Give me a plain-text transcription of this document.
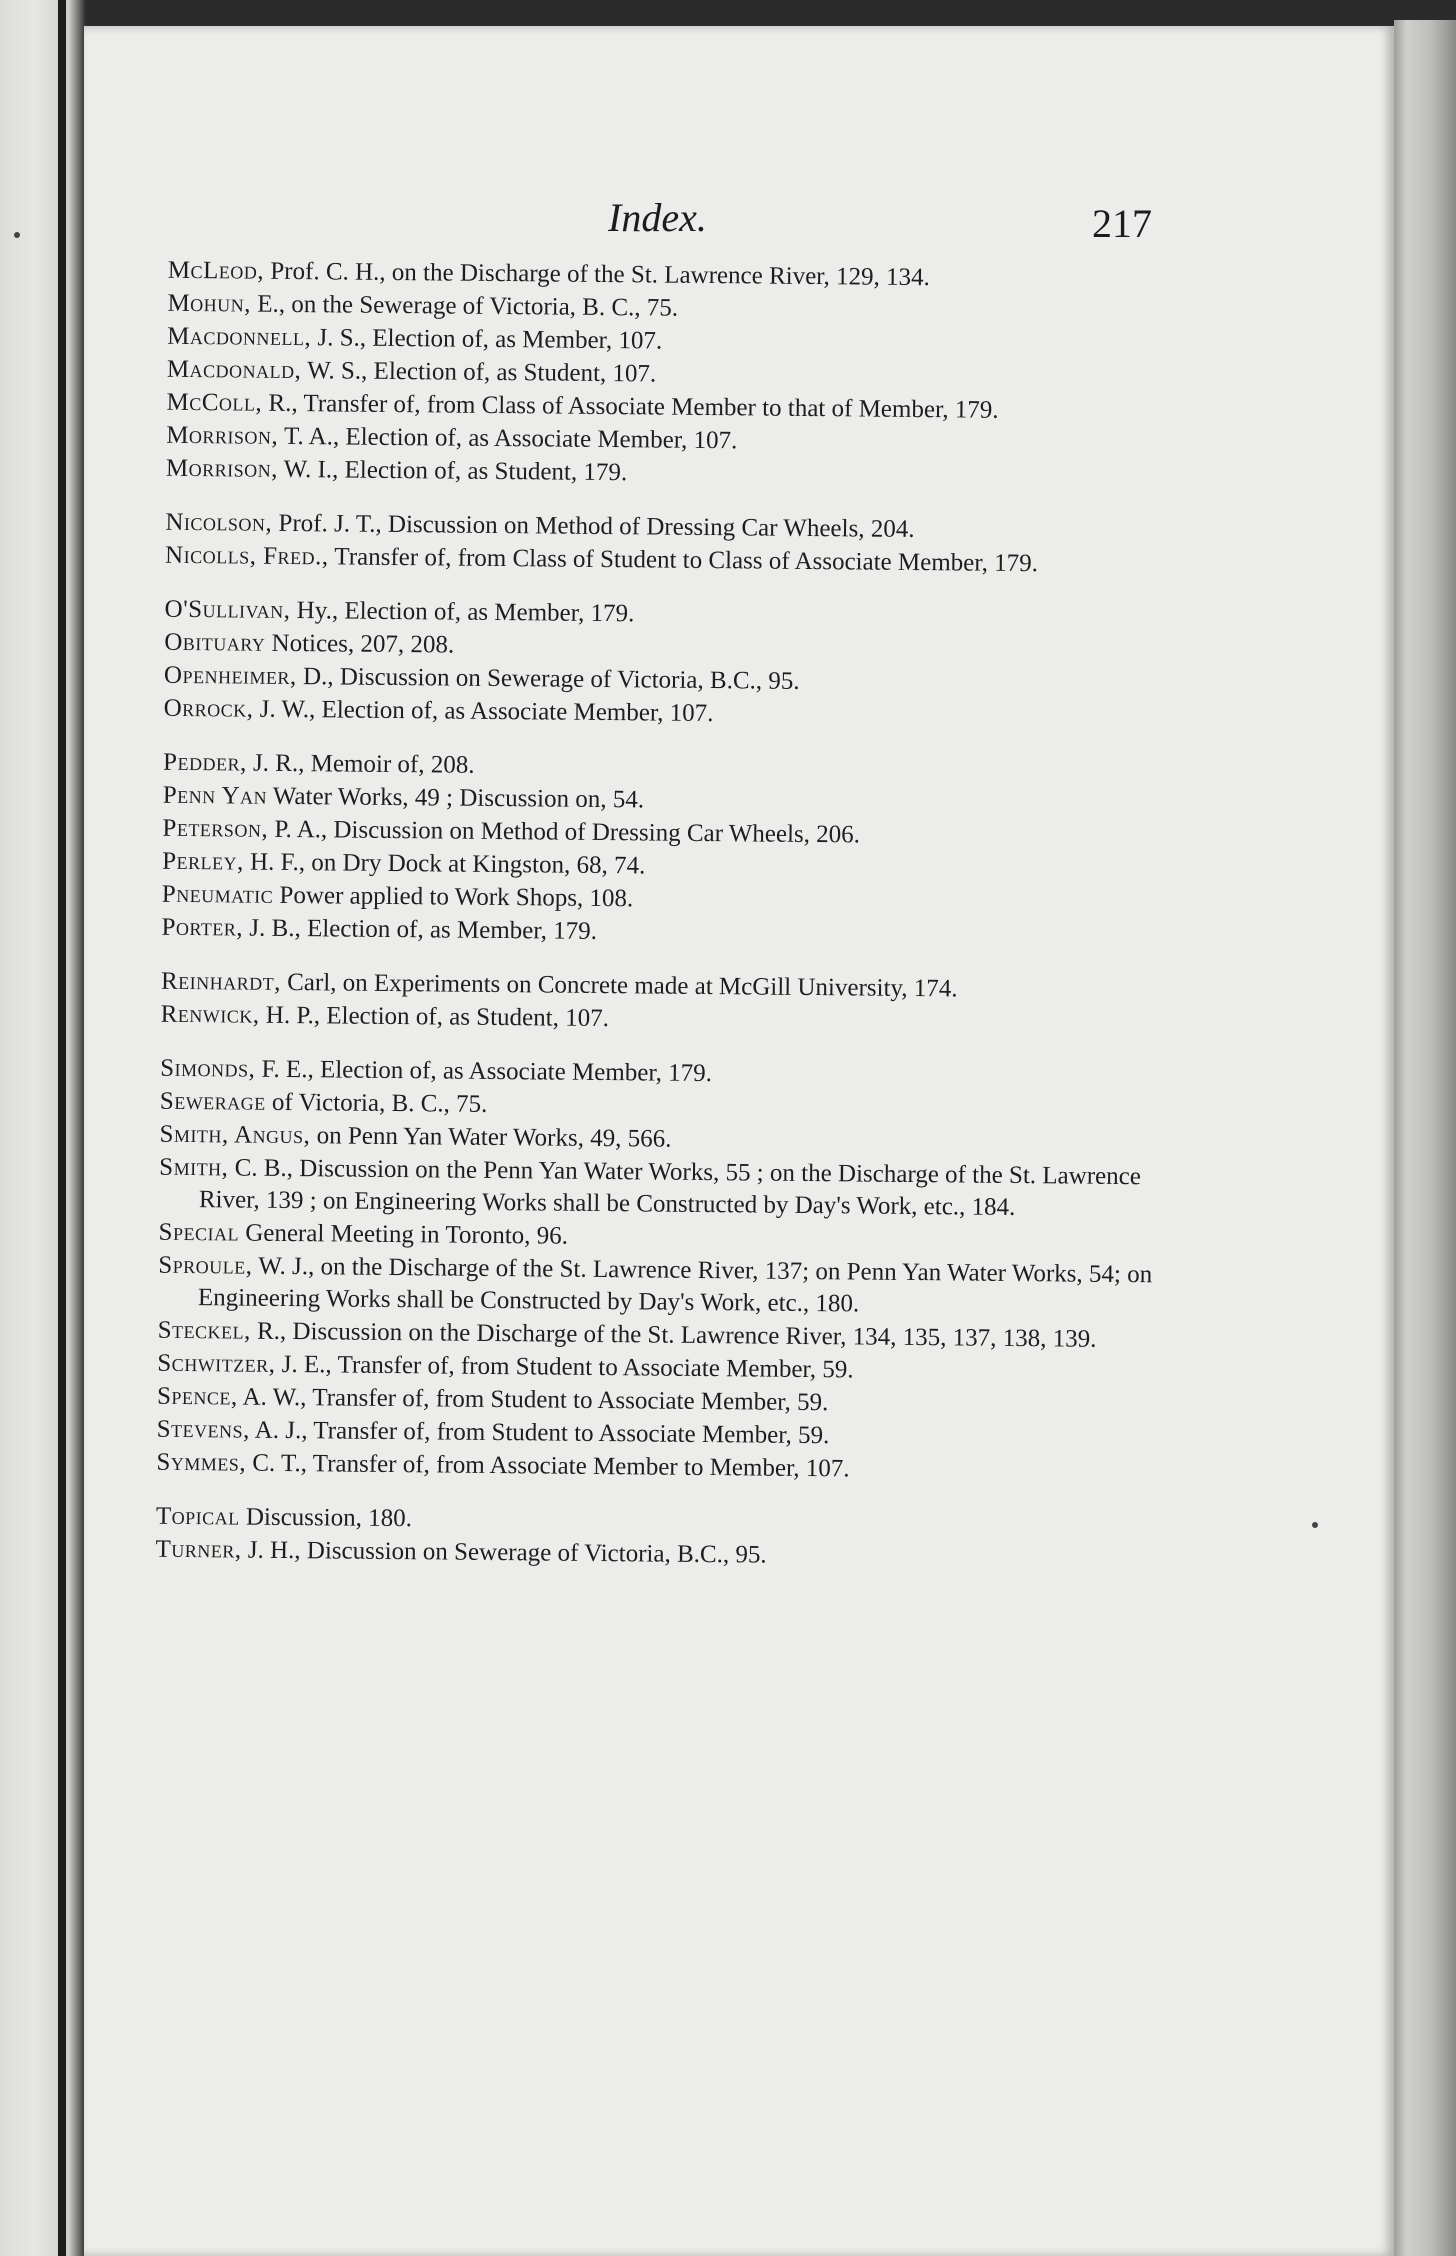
Index.	217
McLeod, Prof. C. H., on the Discharge of the St. Lawrence River, 129, 134.
Mohun, E., on the Sewerage of Victoria, B. C., 75.
Macdonnell, J. S., Election of, as Member, 107.
Macdonald, W. S., Election of, as Student, 107.
McColl, R., Transfer of, from Class of Associate Member to that of Member, 179.
Morrison, T. A., Election of, as Associate Member, 107.
Morrison, W. I., Election of, as Student, 179.
Nicolson, Prof. J. T., Discussion on Method of Dressing Car Wheels, 204.
Nicolls, Fred., Transfer of, from Class of Student to Class of Associate Member, 179.
O'Sullivan, Hy., Election of, as Member, 179.
Obituary Notices, 207, 208.
Openheimer, D., Discussion on Sewerage of Victoria, B.C., 95.
Orrock, J. W., Election of, as Associate Member, 107.
Pedder, J. R., Memoir of, 208.
Penn Yan Water Works, 49 ; Discussion on, 54.
Peterson, P. A., Discussion on Method of Dressing Car Wheels, 206.
Perley, H. F., on Dry Dock at Kingston, 68, 74.
Pneumatic Power applied to Work Shops, 108.
Porter, J. B., Election of, as Member, 179.
Reinhardt, Carl, on Experiments on Concrete made at McGill University, 174.
Renwick, H. P., Election of, as Student, 107.
Simonds, F. E., Election of, as Associate Member, 179.
Sewerage of Victoria, B. C., 75.
Smith, Angus, on Penn Yan Water Works, 49, 566.
Smith, C. B., Discussion on the Penn Yan Water Works, 55 ; on the Discharge of the St. Lawrence River, 139 ; on Engineering Works shall be Constructed by Day's Work, etc., 184.
Special General Meeting in Toronto, 96.
Sproule, W. J., on the Discharge of the St. Lawrence River, 137; on Penn Yan Water Works, 54; on Engineering Works shall be Constructed by Day's Work, etc., 180.
Steckel, R., Discussion on the Discharge of the St. Lawrence River, 134, 135, 137, 138, 139.
Schwitzer, J. E., Transfer of, from Student to Associate Member, 59.
Spence, A. W., Transfer of, from Student to Associate Member, 59.
Stevens, A. J., Transfer of, from Student to Associate Member, 59.
Symmes, C. T., Transfer of, from Associate Member to Member, 107.
Topical Discussion, 180.
Turner, J. H., Discussion on Sewerage of Victoria, B.C., 95.
